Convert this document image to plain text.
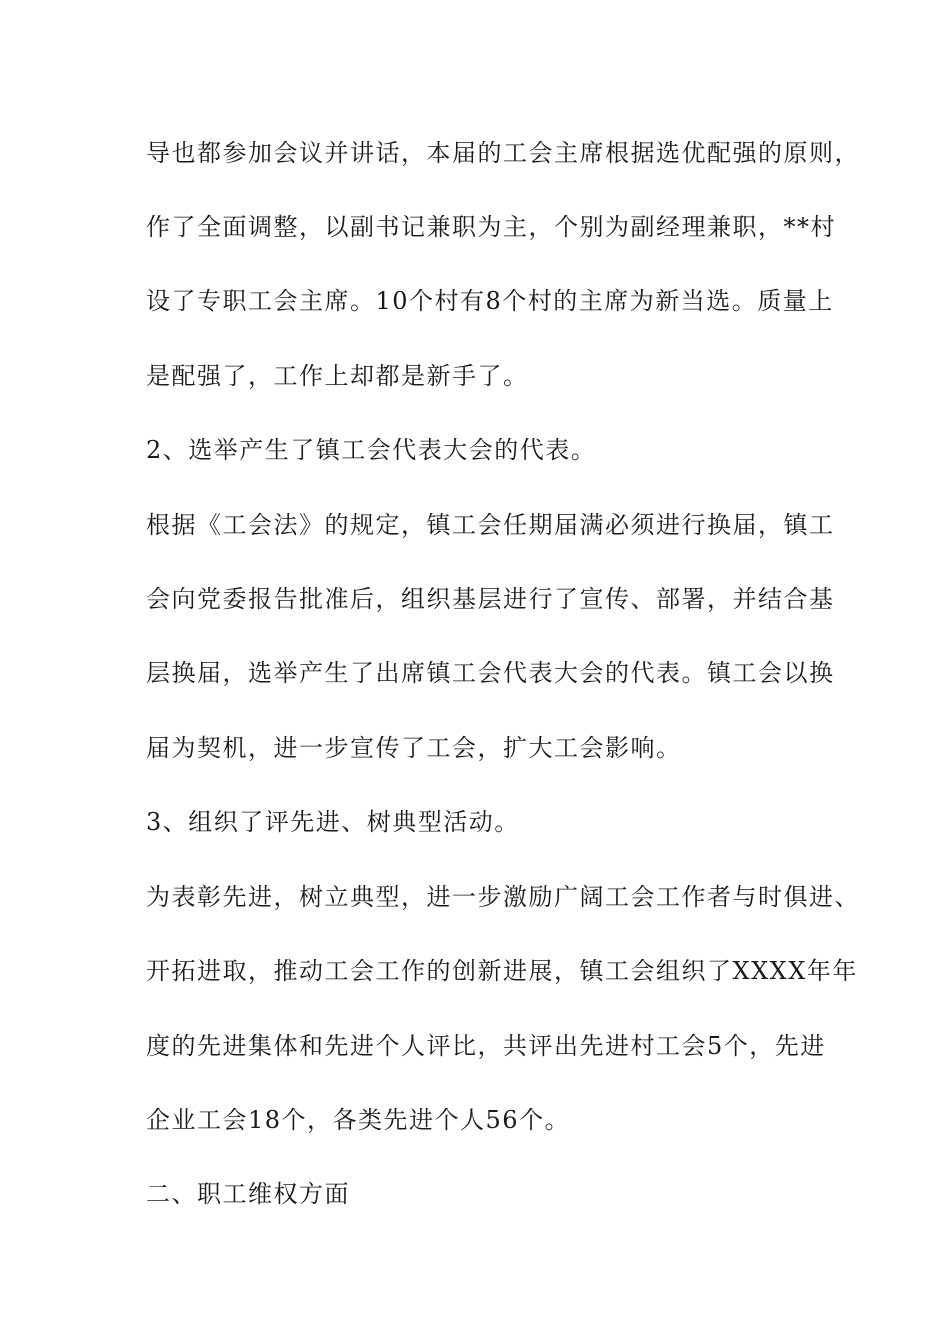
导也都参加会议并讲话，本届的工会主席根据选优配强的原则，
作了全面调整，以副书记兼职为主，个别为副经理兼职，**村
设了专职工会主席。10个村有8个村的主席为新当选。质量上
是配强了，工作上却都是新手了。
2、选举产生了镇工会代表大会的代表。
根据《工会法》的规定，镇工会任期届满必须进行换届，镇工
会向党委报告批准后，组织基层进行了宣传、部署，并结合基
层换届，选举产生了出席镇工会代表大会的代表。镇工会以换
届为契机，进一步宣传了工会，扩大工会影响。
3、组织了评先进、树典型活动。
为表彰先进，树立典型，进一步激励广阔工会工作者与时俱进、
开拓进取，推动工会工作的创新进展，镇工会组织了XXXX年年
度的先进集体和先进个人评比，共评出先进村工会5个，先进
企业工会18个，各类先进个人56个。
二、职工维权方面
